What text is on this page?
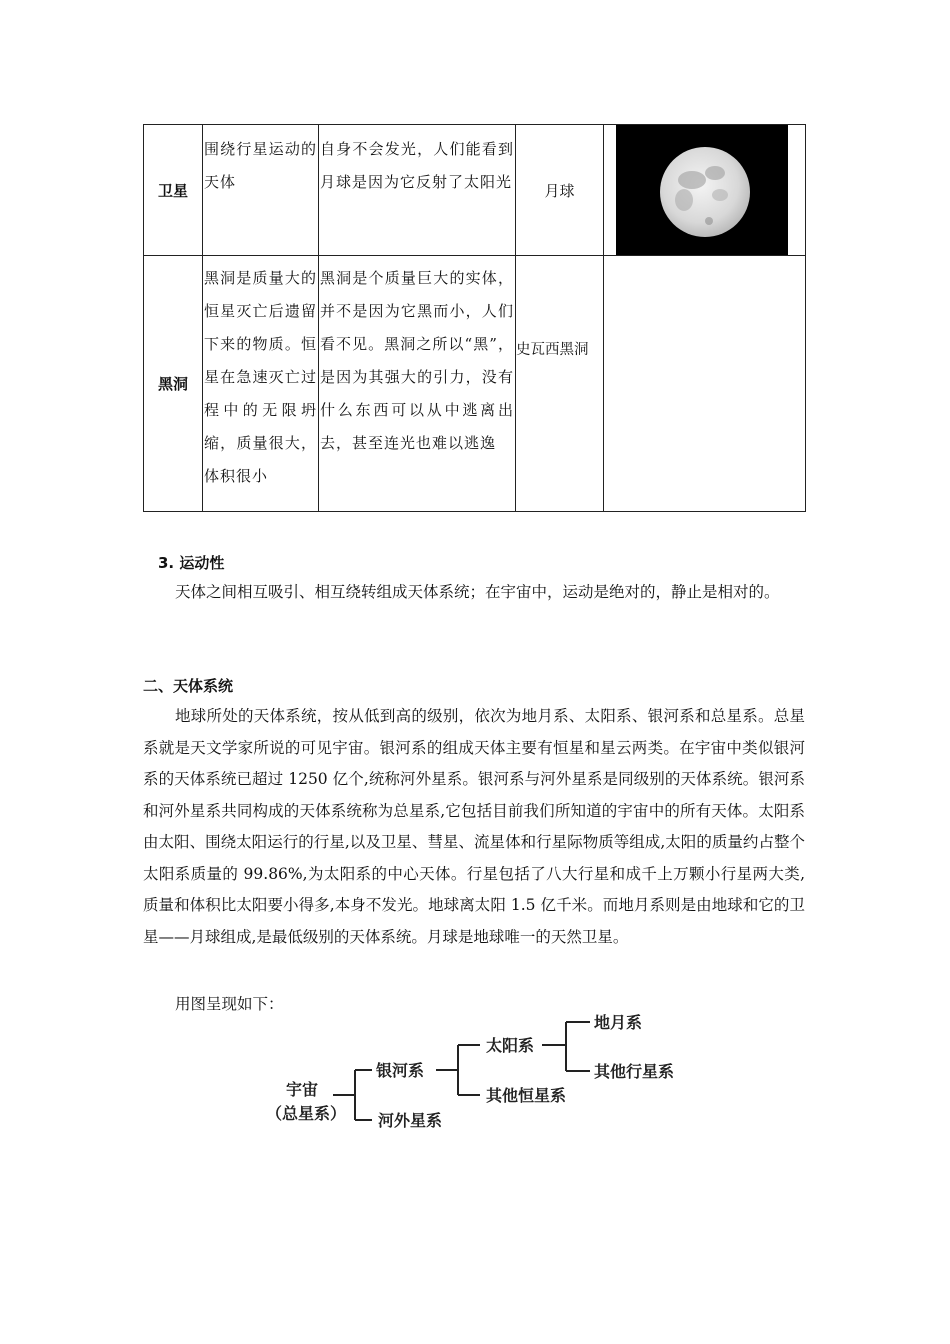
卫星	围绕行星运动的天体	自身不会发光，人们能看到月球是因为它反射了太阳光	月球	

黑洞	黑洞是质量大的恒星灭亡后遗留下来的物质。恒星在急速灭亡过程中的无限坍缩，质量很大，体积很小	黑洞是个质量巨大的实体，并不是因为它黑而小，人们看不见。黑洞之所以“黑”，是因为其强大的引力，没有什么东西可以从中逃离出去，甚至连光也难以逃逸	史瓦西黑洞	
3. 运动性
天体之间相互吸引、相互绕转组成天体系统；在宇宙中，运动是绝对的，静止是相对的。
二、天体系统
地球所处的天体系统，按从低到高的级别，依次为地月系、太阳系、银河系和总星系。总星系就是天文学家所说的可见宇宙。银河系的组成天体主要有恒星和星云两类。在宇宙中类似银河系的天体系统已超过 1250 亿个,统称河外星系。银河系与河外星系是同级别的天体系统。银河系和河外星系共同构成的天体系统称为总星系,它包括目前我们所知道的宇宙中的所有天体。太阳系由太阳、围绕太阳运行的行星,以及卫星、彗星、流星体和行星际物质等组成,太阳的质量约占整个太阳系质量的 99.86%,为太阳系的中心天体。行星包括了八大行星和成千上万颗小行星两大类,质量和体积比太阳要小得多,本身不发光。地球离太阳 1.5 亿千米。而地月系则是由地球和它的卫星——月球组成,是最低级别的天体系统。月球是地球唯一的天然卫星。
用图呈现如下：
宇宙
（总星系）
银河系
河外星系
太阳系
其他恒星系
地月系
其他行星系
